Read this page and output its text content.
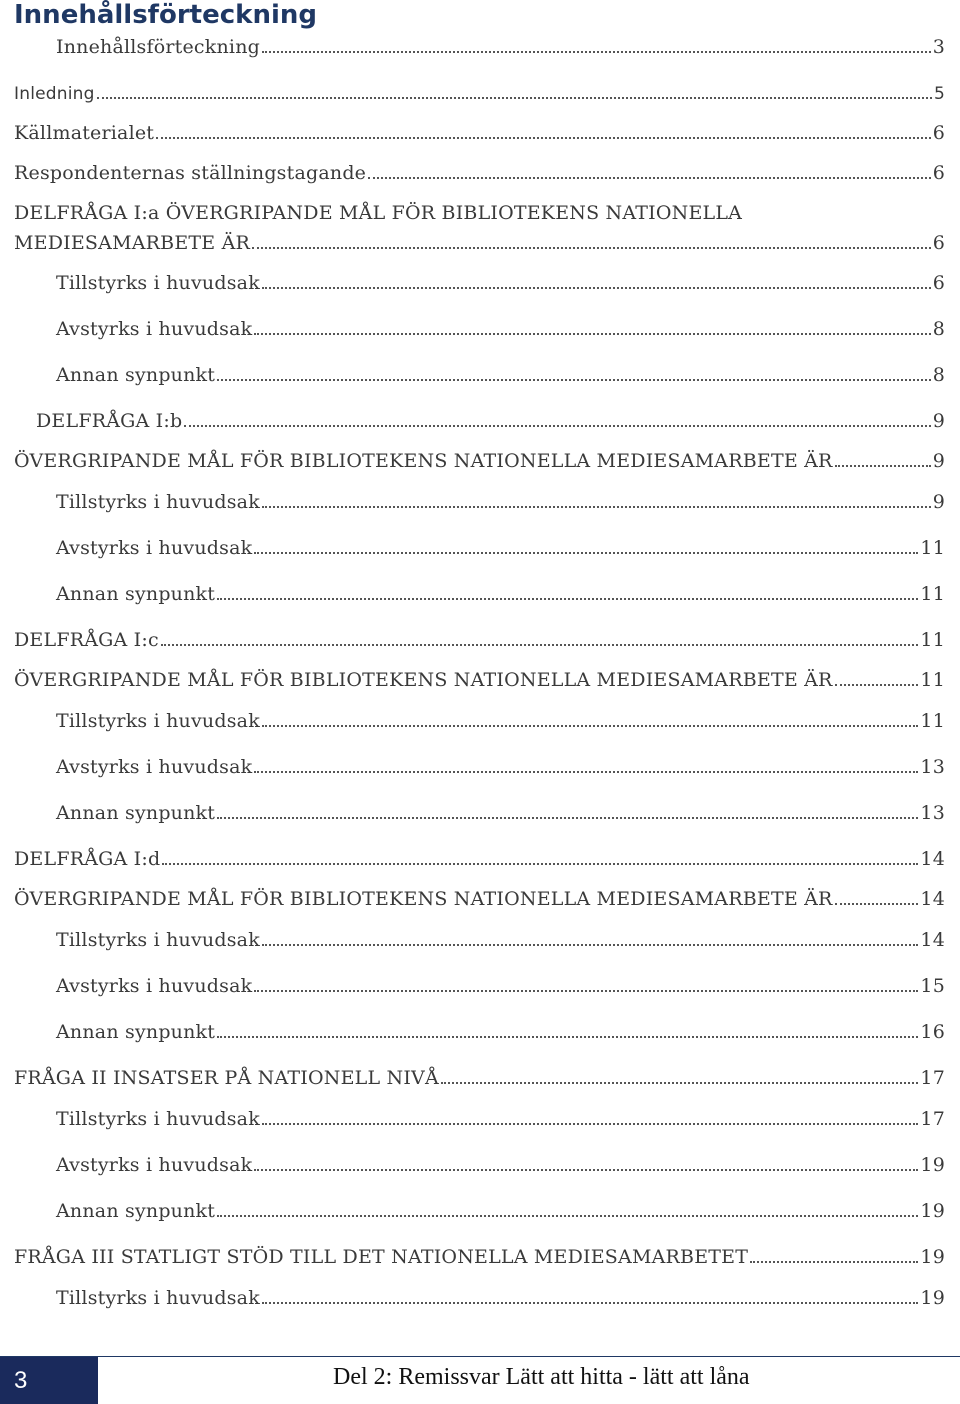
Innehållsförteckning
Innehållsförteckning	3
Inledning	5
Källmaterialet	6
Respondenternas ställningstagande	6
DELFRÅGA I:a ÖVERGRIPANDE MÅL FÖR BIBLIOTEKENS NATIONELLA
MEDIESAMARBETE ÄR	6
Tillstyrks i huvudsak	6
Avstyrks i huvudsak	8
Annan synpunkt	8
DELFRÅGA I:b	9
ÖVERGRIPANDE MÅL FÖR BIBLIOTEKENS NATIONELLA MEDIESAMARBETE ÄR	9
Tillstyrks i huvudsak	9
Avstyrks i huvudsak	11
Annan synpunkt	11
DELFRÅGA I:c	11
ÖVERGRIPANDE MÅL FÖR BIBLIOTEKENS NATIONELLA MEDIESAMARBETE ÄR	11
Tillstyrks i huvudsak	11
Avstyrks i huvudsak	13
Annan synpunkt	13
DELFRÅGA I:d	14
ÖVERGRIPANDE MÅL FÖR BIBLIOTEKENS NATIONELLA MEDIESAMARBETE ÄR	14
Tillstyrks i huvudsak	14
Avstyrks i huvudsak	15
Annan synpunkt	16
FRÅGA II INSATSER PÅ NATIONELL NIVÅ	17
Tillstyrks i huvudsak	17
Avstyrks i huvudsak	19
Annan synpunkt	19
FRÅGA III STATLIGT STÖD TILL DET NATIONELLA MEDIESAMARBETET	19
Tillstyrks i huvudsak	19
3	Del 2: Remissvar Lätt att hitta - lätt att låna
